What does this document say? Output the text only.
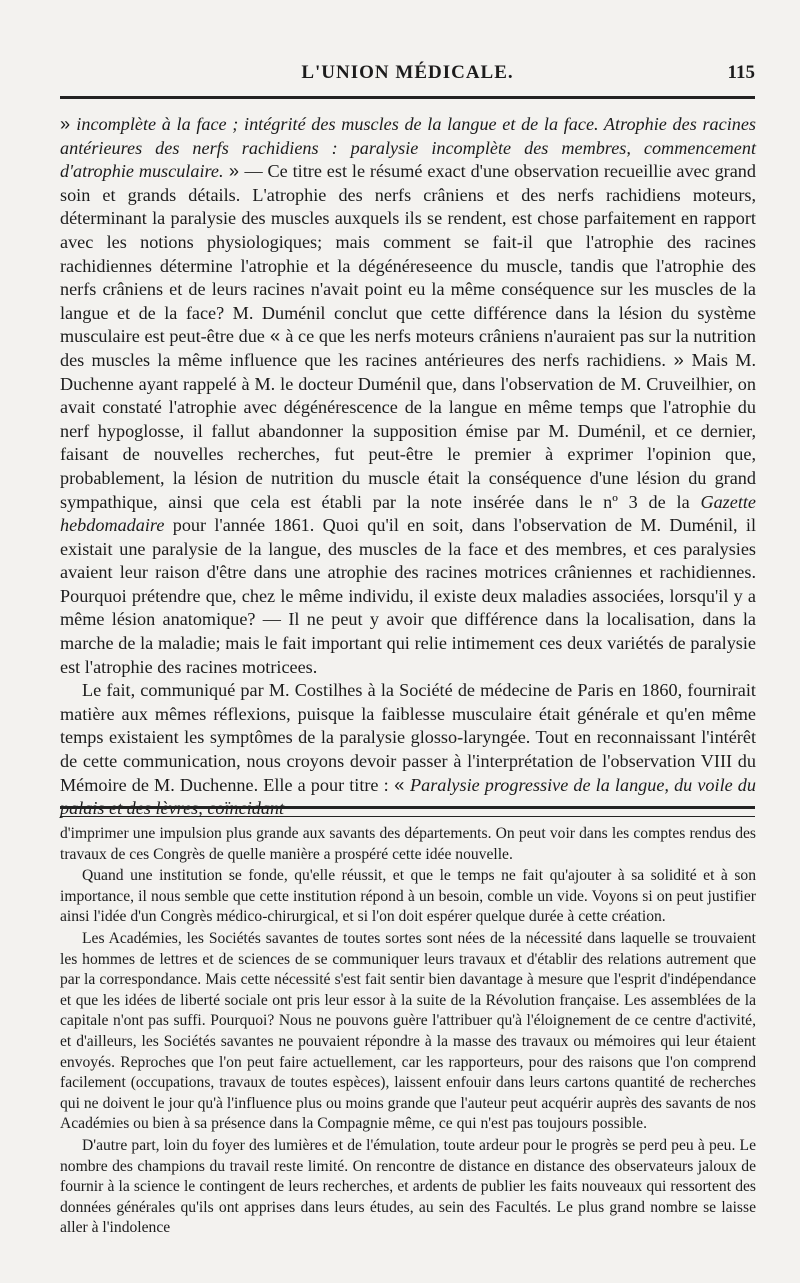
L'UNION MÉDICALE.	115

» incomplète à la face ; intégrité des muscles de la langue et de la face. Atrophie des racines antérieures des nerfs rachidiens : paralysie incomplète des membres, commencement d'atrophie musculaire. » — Ce titre est le résumé exact d'une observation recueillie avec grand soin et grands détails. L'atrophie des nerfs crâniens et des nerfs rachidiens moteurs, déterminant la paralysie des muscles auxquels ils se rendent, est chose parfaitement en rapport avec les notions physiologiques; mais comment se fait-il que l'atrophie des racines rachidiennes détermine l'atrophie et la dégénéreseence du muscle, tandis que l'atrophie des nerfs crâniens et de leurs racines n'avait point eu la même conséquence sur les muscles de la langue et de la face? M. Duménil conclut que cette différence dans la lésion du système musculaire est peut-être due « à ce que les nerfs moteurs crâniens n'auraient pas sur la nutrition des muscles la même influence que les racines antérieures des nerfs rachidiens. » Mais M. Duchenne ayant rappelé à M. le docteur Duménil que, dans l'observation de M. Cruveilhier, on avait constaté l'atrophie avec dégénérescence de la langue en même temps que l'atrophie du nerf hypoglosse, il fallut abandonner la supposition émise par M. Duménil, et ce dernier, faisant de nouvelles recherches, fut peut-être le premier à exprimer l'opinion que, probablement, la lésion de nutrition du muscle était la conséquence d'une lésion du grand sympathique, ainsi que cela est établi par la note insérée dans le nº 3 de la Gazette hebdomadaire pour l'année 1861. Quoi qu'il en soit, dans l'observation de M. Duménil, il existait une paralysie de la langue, des muscles de la face et des membres, et ces paralysies avaient leur raison d'être dans une atrophie des racines motrices crâniennes et rachidiennes. Pourquoi prétendre que, chez le même individu, il existe deux maladies associées, lorsqu'il y a même lésion anatomique? — Il ne peut y avoir que différence dans la localisation, dans la marche de la maladie; mais le fait important qui relie intimement ces deux variétés de paralysie est l'atrophie des racines motricees.

Le fait, communiqué par M. Costilhes à la Société de médecine de Paris en 1860, fournirait matière aux mêmes réflexions, puisque la faiblesse musculaire était générale et qu'en même temps existaient les symptômes de la paralysie glosso-laryngée. Tout en reconnaissant l'intérêt de cette communication, nous croyons devoir passer à l'interprétation de l'observation VIII du Mémoire de M. Duchenne. Elle a pour titre : « Paralysie progressive de la langue, du voile du palais et des lèvres, coïncidant

d'imprimer une impulsion plus grande aux savants des départements. On peut voir dans les comptes rendus des travaux de ces Congrès de quelle manière a prospéré cette idée nouvelle.

Quand une institution se fonde, qu'elle réussit, et que le temps ne fait qu'ajouter à sa solidité et à son importance, il nous semble que cette institution répond à un besoin, comble un vide. Voyons si on peut justifier ainsi l'idée d'un Congrès médico-chirurgical, et si l'on doit espérer quelque durée à cette création.

Les Académies, les Sociétés savantes de toutes sortes sont nées de la nécessité dans laquelle se trouvaient les hommes de lettres et de sciences de se communiquer leurs travaux et d'établir des relations autrement que par la correspondance. Mais cette nécessité s'est fait sentir bien davantage à mesure que l'esprit d'indépendance et que les idées de liberté sociale ont pris leur essor à la suite de la Révolution française. Les assemblées de la capitale n'ont pas suffi. Pourquoi? Nous ne pouvons guère l'attribuer qu'à l'éloignement de ce centre d'activité, et d'ailleurs, les Sociétés savantes ne pouvaient répondre à la masse des travaux ou mémoires qui leur étaient envoyés. Reproches que l'on peut faire actuellement, car les rapporteurs, pour des raisons que l'on comprend facilement (occupations, travaux de toutes espèces), laissent enfouir dans leurs cartons quantité de recherches qui ne doivent le jour qu'à l'influence plus ou moins grande que l'auteur peut acquérir auprès des savants de nos Académies ou bien à sa présence dans la Compagnie même, ce qui n'est pas toujours possible.

D'autre part, loin du foyer des lumières et de l'émulation, toute ardeur pour le progrès se perd peu à peu. Le nombre des champions du travail reste limité. On rencontre de distance en distance des observateurs jaloux de fournir à la science le contingent de leurs recherches, et ardents de publier les faits nouveaux qui ressortent des données générales qu'ils ont apprises dans leurs études, au sein des Facultés. Le plus grand nombre se laisse aller à l'indolence
